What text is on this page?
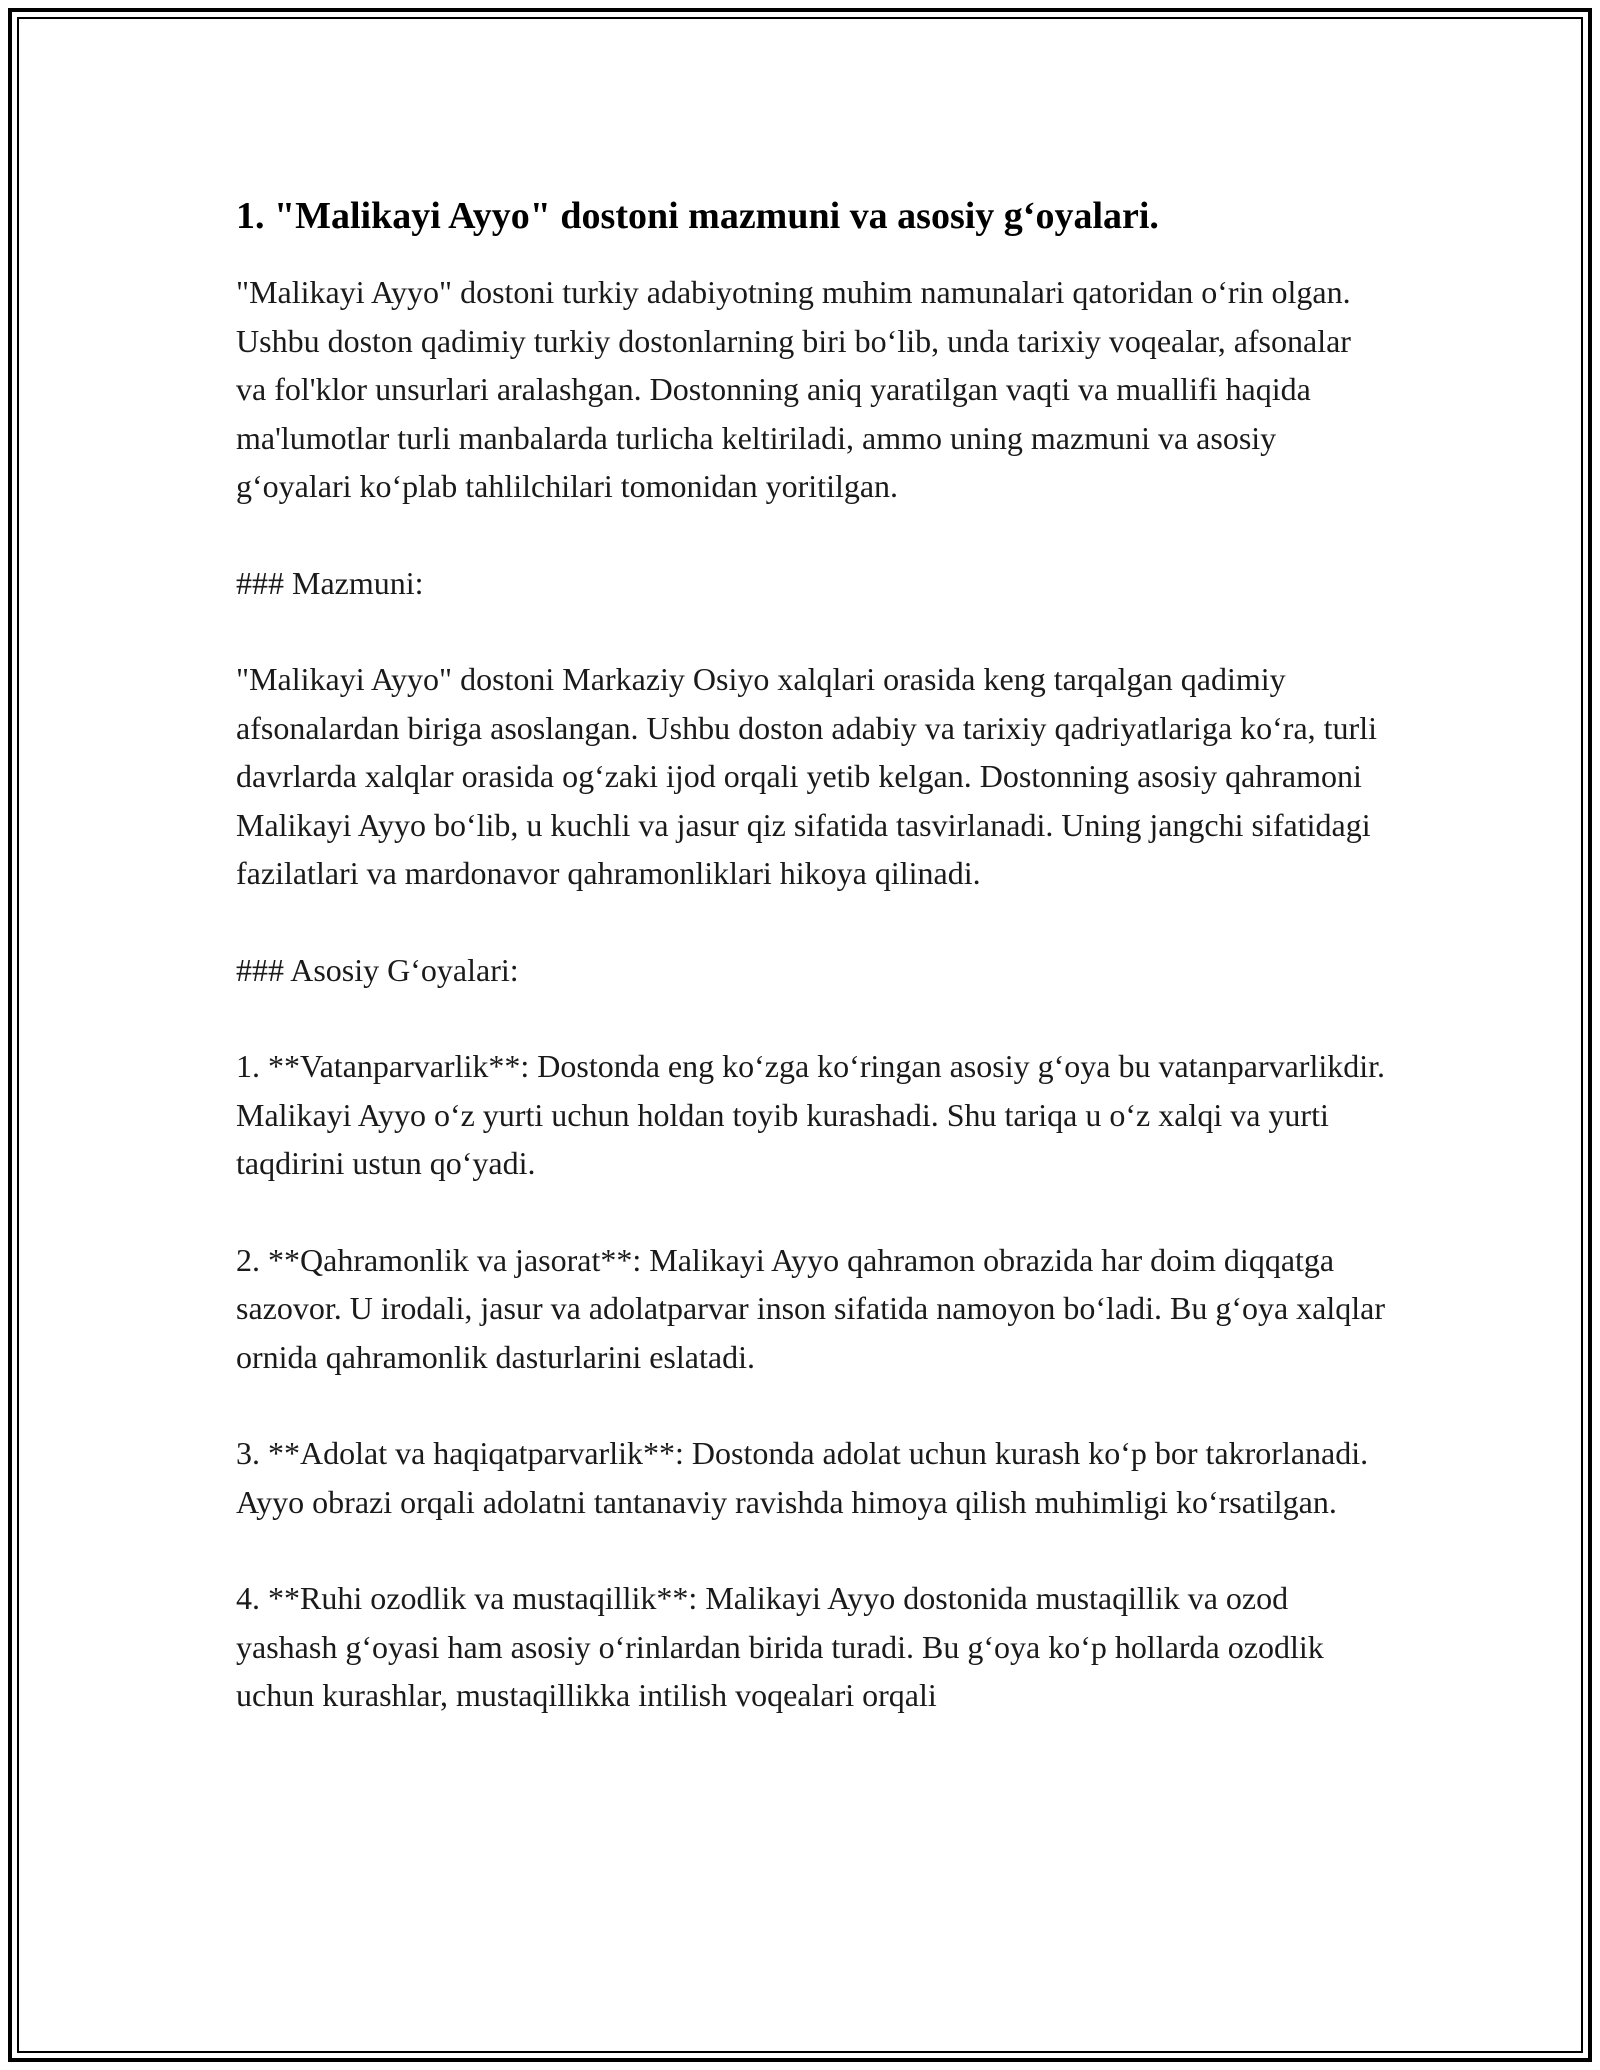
1. "Malikayi Ayyo" dostoni mazmuni va asosiy g‘oyalari.

"Malikayi Ayyo" dostoni turkiy adabiyotning muhim namunalari qatoridan o‘rin olgan. Ushbu doston qadimiy turkiy dostonlarning biri bo‘lib, unda tarixiy voqealar, afsonalar va fol'klor unsurlari aralashgan. Dostonning aniq yaratilgan vaqti va muallifi haqida ma'lumotlar turli manbalarda turlicha keltiriladi, ammo uning mazmuni va asosiy g‘oyalari ko‘plab tahlilchilari tomonidan yoritilgan.

### Mazmuni:

"Malikayi Ayyo" dostoni Markaziy Osiyo xalqlari orasida keng tarqalgan qadimiy afsonalardan biriga asoslangan. Ushbu doston adabiy va tarixiy qadriyatlariga ko‘ra, turli davrlarda xalqlar orasida og‘zaki ijod orqali yetib kelgan. Dostonning asosiy qahramoni Malikayi Ayyo bo‘lib, u kuchli va jasur qiz sifatida tasvirlanadi. Uning jangchi sifatidagi fazilatlari va mardonavor qahramonliklari hikoya qilinadi.

### Asosiy G‘oyalari:

1. **Vatanparvarlik**: Dostonda eng ko‘zga ko‘ringan asosiy g‘oya bu vatanparvarlikdir. Malikayi Ayyo o‘z yurti uchun holdan toyib kurashadi. Shu tariqa u o‘z xalqi va yurti taqdirini ustun qo‘yadi.

2. **Qahramonlik va jasorat**: Malikayi Ayyo qahramon obrazida har doim diqqatga sazovor. U irodali, jasur va adolatparvar inson sifatida namoyon bo‘ladi. Bu g‘oya xalqlar ornida qahramonlik dasturlarini eslatadi.

3. **Adolat va haqiqatparvarlik**: Dostonda adolat uchun kurash ko‘p bor takrorlanadi. Ayyo obrazi orqali adolatni tantanaviy ravishda himoya qilish muhimligi ko‘rsatilgan.

4. **Ruhi ozodlik va mustaqillik**: Malikayi Ayyo dostonida mustaqillik va ozod yashash g‘oyasi ham asosiy o‘rinlardan birida turadi. Bu g‘oya ko‘p hollarda ozodlik uchun kurashlar, mustaqillikka intilish voqealari orqali
